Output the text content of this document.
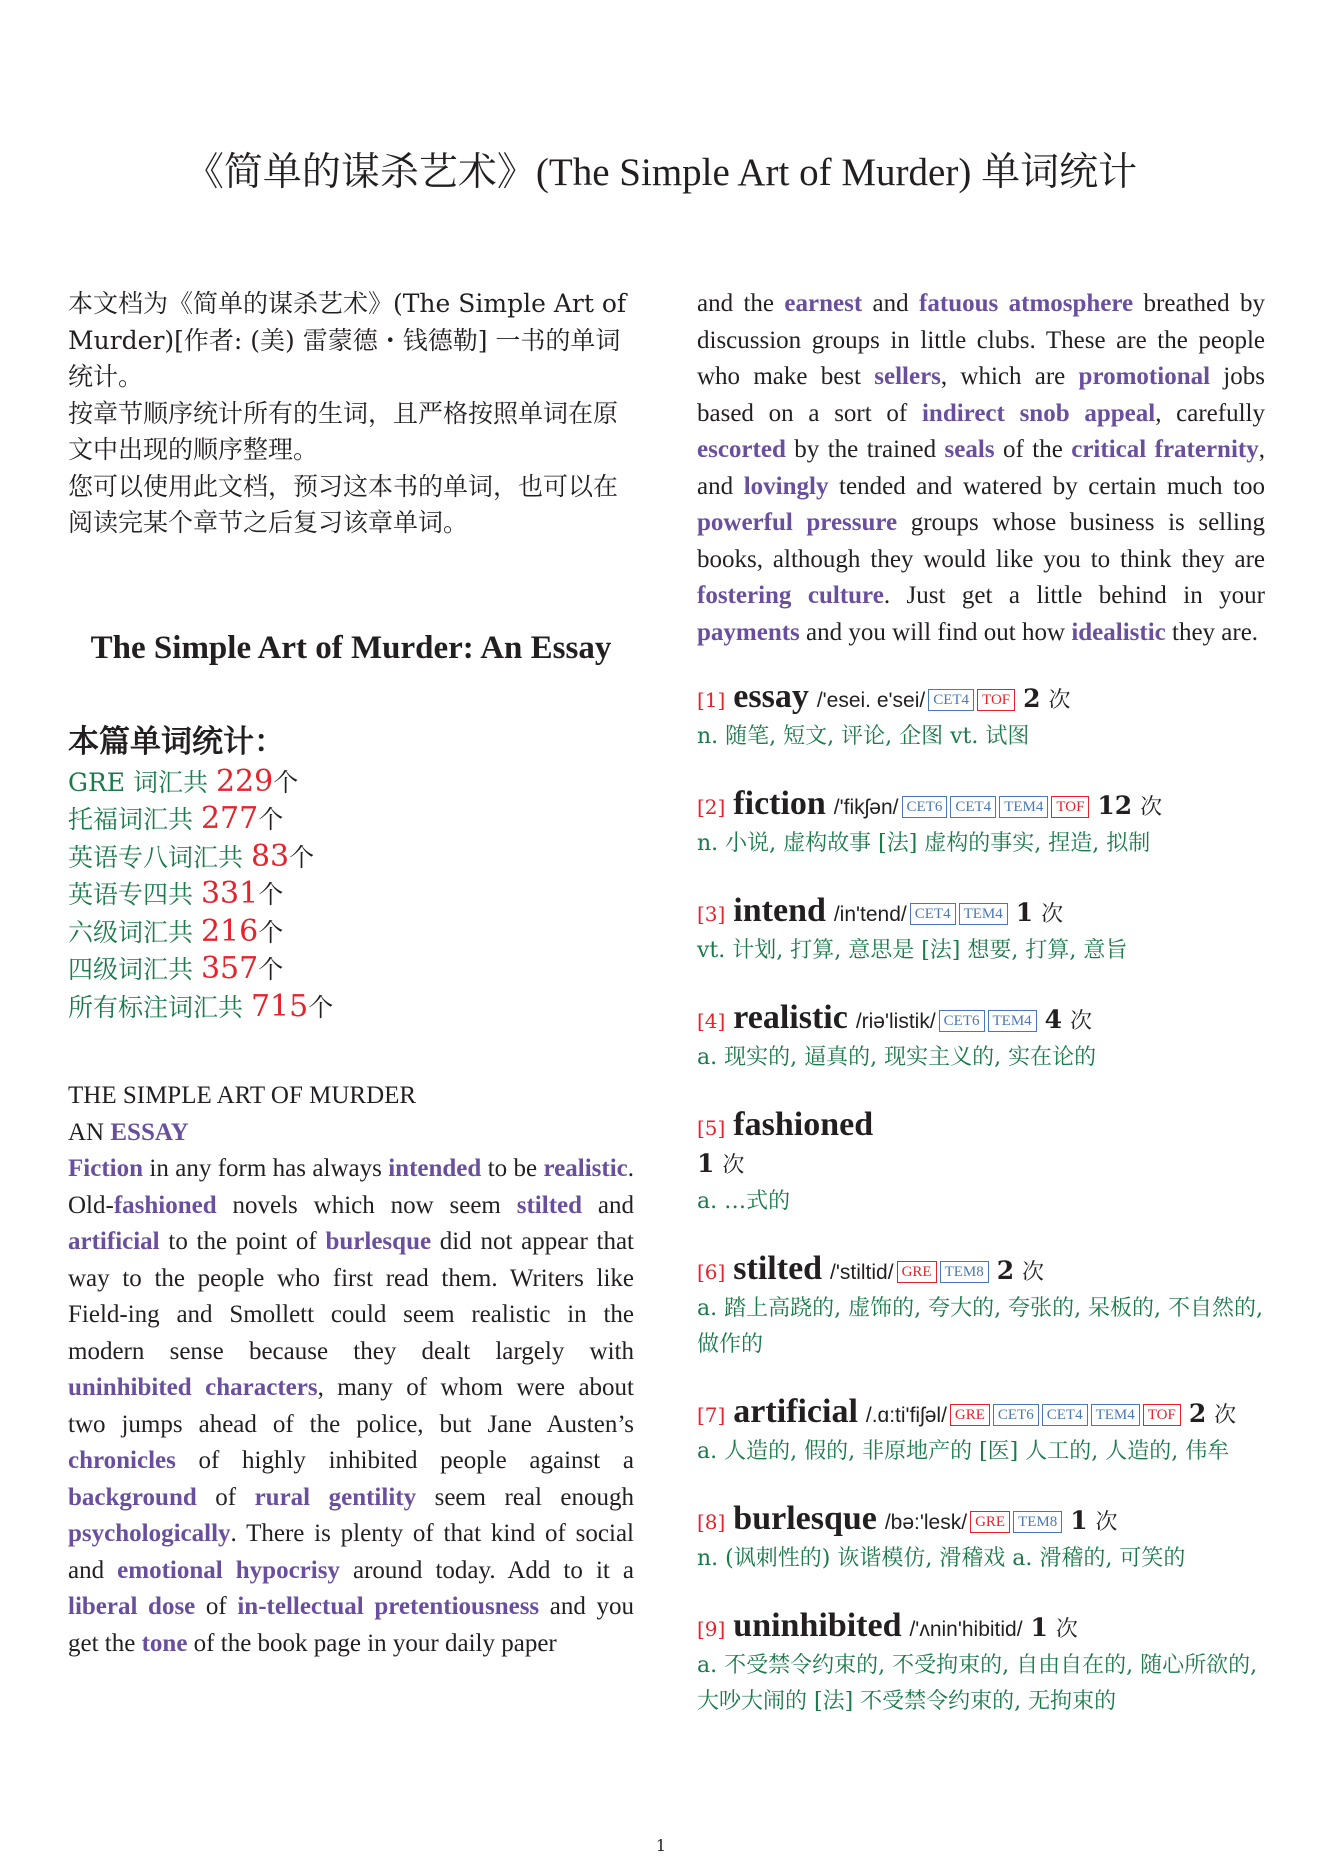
《简单的谋杀艺术》(The Simple Art of Murder) 单词统计

本文档为《简单的谋杀艺术》(The Simple Art of Murder)[作者: (美) 雷蒙德・钱德勒] 一书的单词统计。

按章节顺序统计所有的生词，且严格按照单词在原文中出现的顺序整理。

您可以使用此文档，预习这本书的单词，也可以在阅读完某个章节之后复习该章单词。

The Simple Art of Murder: An Essay
本篇单词统计：
GRE 词汇共 229个
托福词汇共 277个
英语专八词汇共 83个
英语专四共 331个
六级词汇共 216个
四级词汇共 357个
所有标注词汇共 715个
THE SIMPLE ART OF MURDER
AN ESSAY

Fiction in any form has always intended to be realistic. Old-fashioned novels which now seem stilted and artificial to the point of burlesque did not appear that way to the people who first read them. Writers like Field-ing and Smollett could seem realistic in the modern sense because they dealt largely with uninhibited characters, many of whom were about two jumps ahead of the police, but Jane Austen’s chronicles of highly inhibited people against a background of rural gentility seem real enough psychologically. There is plenty of that kind of social and emotional hypocrisy around today. Add to it a liberal dose of in-tellectual pretentiousness and you get the tone of the book page in your daily paper

and the earnest and fatuous atmosphere breathed by discussion groups in little clubs. These are the people who make best sellers, which are promotional jobs based on a sort of indirect snob appeal, carefully escorted by the trained seals of the critical fraternity, and lovingly tended and watered by certain much too powerful pressure groups whose business is selling books, although they would like you to think they are fostering culture. Just get a little behind in your payments and you will find out how idealistic they are.

[1] essay /'esei. e'sei/ CET4 TOF 2 次

n. 随笔, 短文, 评论, 企图 vt. 试图

[2] fiction /'fikʃən/ CET6 CET4 TEM4 TOF 12 次

n. 小说, 虚构故事 [法] 虚构的事实, 捏造, 拟制

[3] intend /in'tend/ CET4 TEM4 1 次

vt. 计划, 打算, 意思是 [法] 想要, 打算, 意旨

[4] realistic /riə'listik/ CET6 TEM4 4 次

a. 现实的, 逼真的, 现实主义的, 实在论的

[5] fashioned
1 次

a. …式的

[6] stilted /'stiltid/ GRE TEM8 2 次

a. 踏上高跷的, 虚饰的, 夸大的, 夸张的, 呆板的, 不自然的, 做作的

[7] artificial /.ɑ:ti'fiʃəl/ GRE CET6 CET4 TEM4 TOF 2 次

a. 人造的, 假的, 非原地产的 [医] 人工的, 人造的, 伟牟

[8] burlesque /bə:'lesk/ GRE TEM8 1 次

n. (讽刺性的) 诙谐模仿, 滑稽戏 a. 滑稽的, 可笑的

[9] uninhibited /'ʌnin'hibitid/ 1 次

a. 不受禁令约束的, 不受拘束的, 自由自在的, 随心所欲的, 大吵大闹的 [法] 不受禁令约束的, 无拘束的

1
